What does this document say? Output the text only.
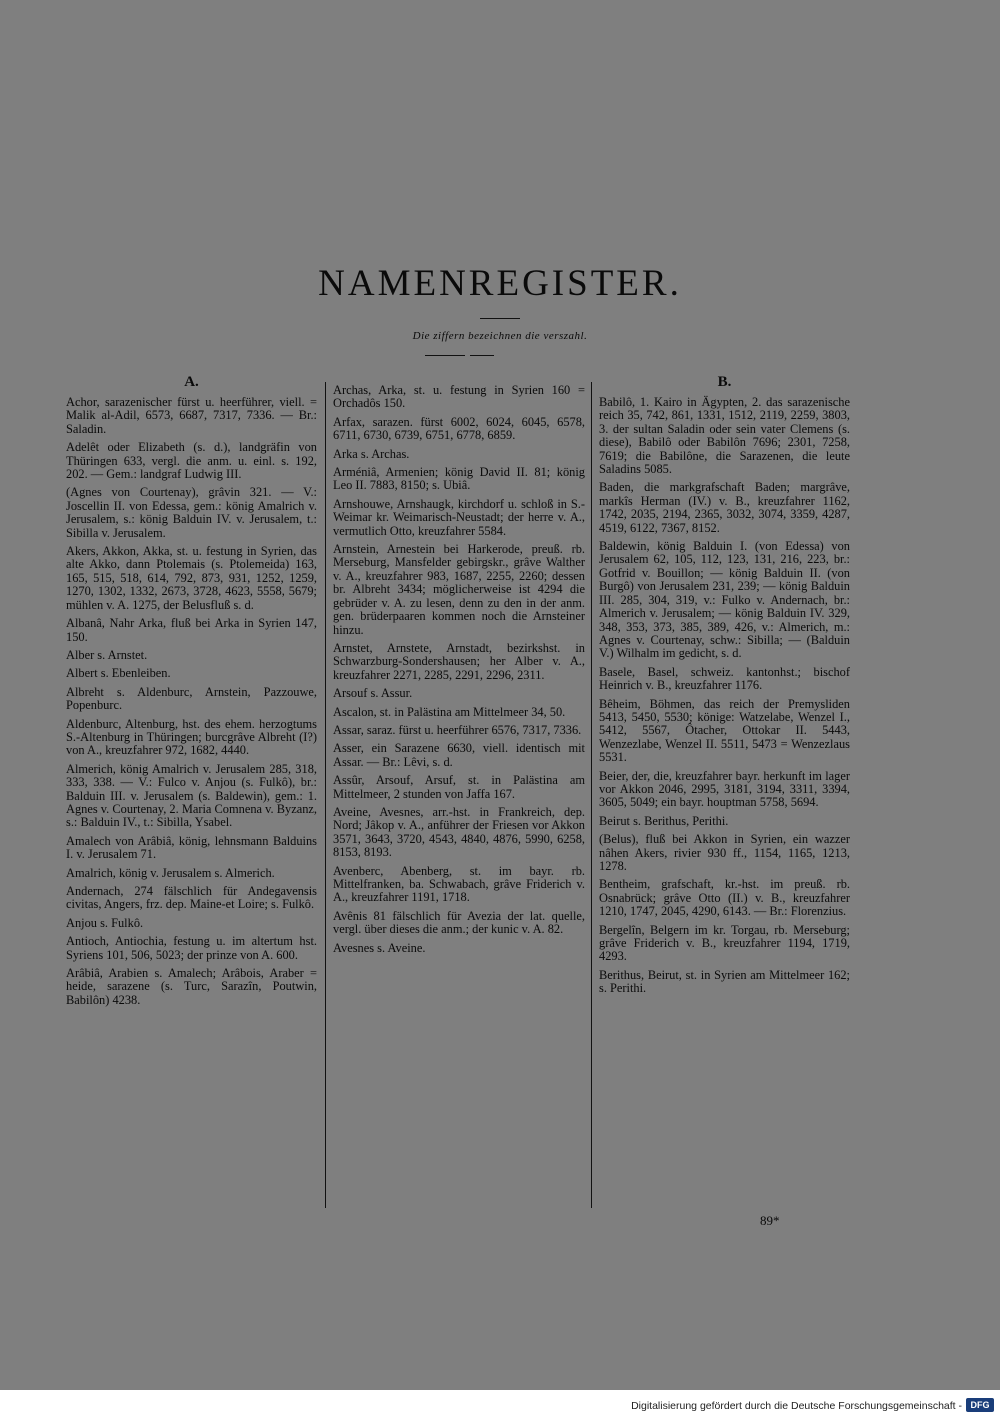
NAMENREGISTER.
Die ziffern bezeichnen die verszahl.
A.
Achor, sarazenischer fürst u. heerführer, viell. = Malik al-Adil, 6573, 6687, 7317, 7336. — Br.: Saladin.
Adelêt oder Elizabeth (s. d.), landgräfin von Thüringen 633, vergl. die anm. u. einl. s. 192, 202. — Gem.: landgraf Ludwig III.
(Agnes von Courtenay), grâvin 321. — V.: Joscellin II. von Edessa, gem.: könig Amalrich v. Jerusalem, s.: könig Balduin IV. v. Jerusalem, t.: Sibilla v. Jerusalem.
Akers, Akkon, Akka, st. u. festung in Syrien, das alte Akko, dann Ptolemais (s. Ptolemeida) 163, 165, 515, 518, 614, 792, 873, 931, 1252, 1259, 1270, 1302, 1332, 2673, 3728, 4623, 5558, 5679; mühlen v. A. 1275, der Belusfluß s. d.
Albanâ, Nahr Arka, fluß bei Arka in Syrien 147, 150.
Alber s. Arnstet.
Albert s. Ebenleiben.
Albreht s. Aldenburc, Arnstein, Pazzouwe, Popenburc.
Aldenburc, Altenburg, hst. des ehem. herzogtums S.-Altenburg in Thüringen; burcgrâve Albreht (I?) von A., kreuzfahrer 972, 1682, 4440.
Almerich, könig Amalrich v. Jerusalem 285, 318, 333, 338. — V.: Fulco v. Anjou (s. Fulkô), br.: Balduin III. v. Jerusalem (s. Baldewin), gem.: 1. Agnes v. Courtenay, 2. Maria Comnena v. Byzanz, s.: Balduin IV., t.: Sibilla, Ysabel.
Amalech von Arâbiâ, könig, lehnsmann Balduins I. v. Jerusalem 71.
Amalrich, könig v. Jerusalem s. Almerich.
Andernach, 274 fälschlich für Andegavensis civitas, Angers, frz. dep. Maine-et Loire; s. Fulkô.
Anjou s. Fulkô.
Antioch, Antiochia, festung u. im altertum hst. Syriens 101, 506, 5023; der prinze von A. 600.
Arâbiâ, Arabien s. Amalech; Arâbois, Araber = heide, sarazene (s. Turc, Sarazîn, Poutwin, Babilôn) 4238.
Archas, Arka, st. u. festung in Syrien 160 = Orchadôs 150.
Arfax, sarazen. fürst 6002, 6024, 6045, 6578, 6711, 6730, 6739, 6751, 6778, 6859.
Arka s. Archas.
Arméniâ, Armenien; könig David II. 81; könig Leo II. 7883, 8150; s. Ubiâ.
Arnshouwe, Arnshaugk, kirchdorf u. schloß in S.-Weimar kr. Weimarisch-Neustadt; der herre v. A., vermutlich Otto, kreuzfahrer 5584.
Arnstein, Arnestein bei Harkerode, preuß. rb. Merseburg, Mansfelder gebirgskr., grâve Walther v. A., kreuzfahrer 983, 1687, 2255, 2260; dessen br. Albreht 3434; möglicherweise ist 4294 die gebrüder v. A. zu lesen, denn zu den in der anm. gen. brüderpaaren kommen noch die Arnsteiner hinzu.
Arnstet, Arnstete, Arnstadt, bezirkshst. in Schwarzburg-Sondershausen; her Alber v. A., kreuzfahrer 2271, 2285, 2291, 2296, 2311.
Arsouf s. Assur.
Ascalon, st. in Palästina am Mittelmeer 34, 50.
Assar, saraz. fürst u. heerführer 6576, 7317, 7336.
Asser, ein Sarazene 6630, viell. identisch mit Assar. — Br.: Lêvi, s. d.
Assûr, Arsouf, Arsuf, st. in Palästina am Mittelmeer, 2 stunden von Jaffa 167.
Aveine, Avesnes, arr.-hst. in Frankreich, dep. Nord; Jâkop v. A., anführer der Friesen vor Akkon 3571, 3643, 3720, 4543, 4840, 4876, 5990, 6258, 8153, 8193.
Avenberc, Abenberg, st. im bayr. rb. Mittelfranken, ba. Schwabach, grâve Friderich v. A., kreuzfahrer 1191, 1718.
Avênis 81 fälschlich für Avezia der lat. quelle, vergl. über dieses die anm.; der kunic v. A. 82.
Avesnes s. Aveine.
B.
Babilô, 1. Kairo in Ägypten, 2. das sarazenische reich 35, 742, 861, 1331, 1512, 2119, 2259, 3803, 3. der sultan Saladin oder sein vater Clemens (s. diese), Babilô oder Babilôn 7696; 2301, 7258, 7619; die Babilône, die Sarazenen, die leute Saladins 5085.
Baden, die markgrafschaft Baden; margrâve, markîs Herman (IV.) v. B., kreuzfahrer 1162, 1742, 2035, 2194, 2365, 3032, 3074, 3359, 4287, 4519, 6122, 7367, 8152.
Baldewin, könig Balduin I. (von Edessa) von Jerusalem 62, 105, 112, 123, 131, 216, 223, br.: Gotfrid v. Bouillon; — könig Balduin II. (von Burgô) von Jerusalem 231, 239; — könig Balduin III. 285, 304, 319, v.: Fulko v. Andernach, br.: Almerich v. Jerusalem; — könig Balduin IV. 329, 348, 353, 373, 385, 389, 426, v.: Almerich, m.: Agnes v. Courtenay, schw.: Sibilla; — (Balduin V.) Wilhalm im gedicht, s. d.
Basele, Basel, schweiz. kantonhst.; bischof Heinrich v. B., kreuzfahrer 1176.
Bêheim, Böhmen, das reich der Premysliden 5413, 5450, 5530; könige: Watzelabe, Wenzel I., 5412, 5567, Ôtacher, Ottokar II. 5443, Wenzezlabe, Wenzel II. 5511, 5473 = Wenzezlaus 5531.
Beier, der, die, kreuzfahrer bayr. herkunft im lager vor Akkon 2046, 2995, 3181, 3194, 3311, 3394, 3605, 5049; ein bayr. houptman 5758, 5694.
Beirut s. Berithus, Perithi.
(Belus), fluß bei Akkon in Syrien, ein wazzer nâhen Akers, rivier 930 ff., 1154, 1165, 1213, 1278.
Bentheim, grafschaft, kr.-hst. im preuß. rb. Osnabrück; grâve Otto (II.) v. B., kreuzfahrer 1210, 1747, 2045, 4290, 6143. — Br.: Florenzius.
Bergelîn, Belgern im kr. Torgau, rb. Merseburg; grâve Friderich v. B., kreuzfahrer 1194, 1719, 4293.
Berithus, Beirut, st. in Syrien am Mittelmeer 162; s. Perithi.
89*
Digitalisierung gefördert durch die Deutsche Forschungsgemeinschaft - DFG
